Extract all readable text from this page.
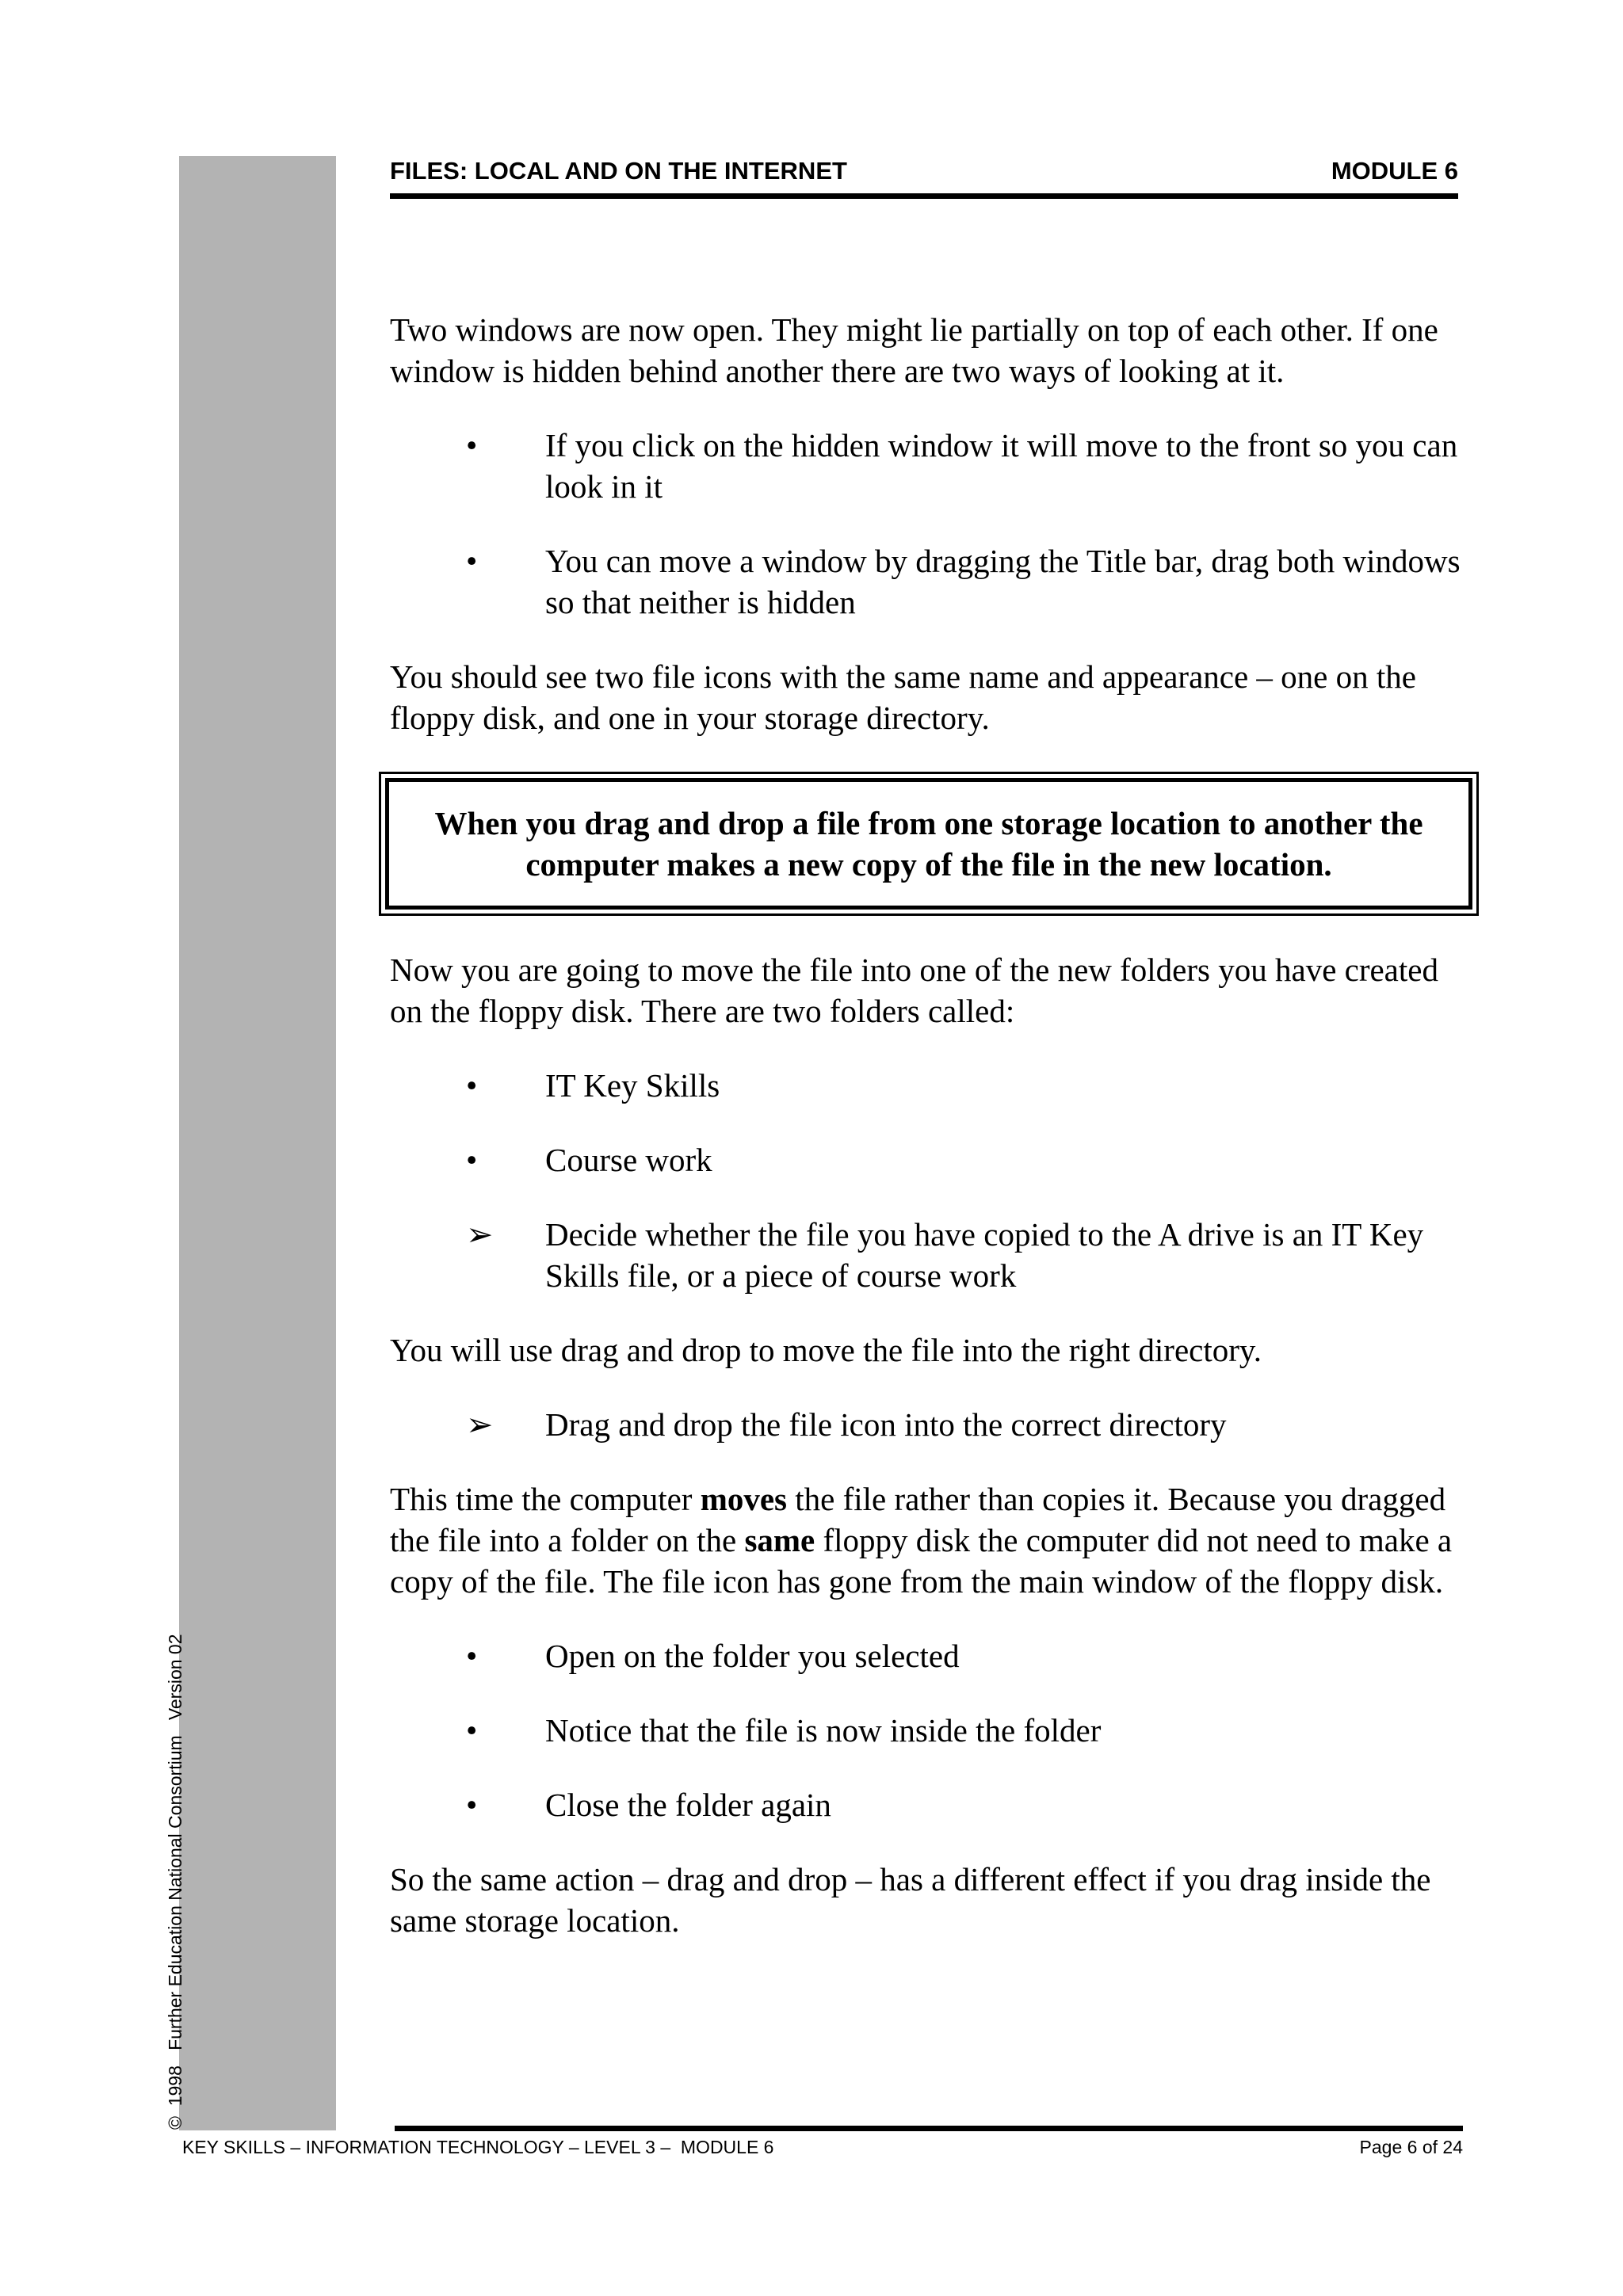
©  1998   Further Education National Consortium   Version 02
FILES: LOCAL AND ON THE INTERNET	MODULE 6

Two windows are now open. They might lie partially on top of each other. If one window is hidden behind another there are two ways of looking at it.

• If you click on the hidden window it will move to the front so you can look in it
• You can move a window by dragging the Title bar, drag both windows so that neither is hidden

You should see two file icons with the same name and appearance – one on the floppy disk, and one in your storage directory.

When you drag and drop a file from one storage location to another the computer makes a new copy of the file in the new location.

Now you are going to move the file into one of the new folders you have created on the floppy disk. There are two folders called:

• IT Key Skills
• Course work
➢ Decide whether the file you have copied to the A drive is an IT Key Skills file, or a piece of course work

You will use drag and drop to move the file into the right directory.

➢ Drag and drop the file icon into the correct directory

This time the computer moves the file rather than copies it. Because you dragged the file into a folder on the same floppy disk the computer did not need to make a copy of the file. The file icon has gone from the main window of the floppy disk.

• Open on the folder you selected
• Notice that the file is now inside the folder
• Close the folder again

So the same action – drag and drop – has a different effect if you drag inside the same storage location.

KEY SKILLS – INFORMATION TECHNOLOGY – LEVEL 3 –  MODULE 6	Page 6 of 24
